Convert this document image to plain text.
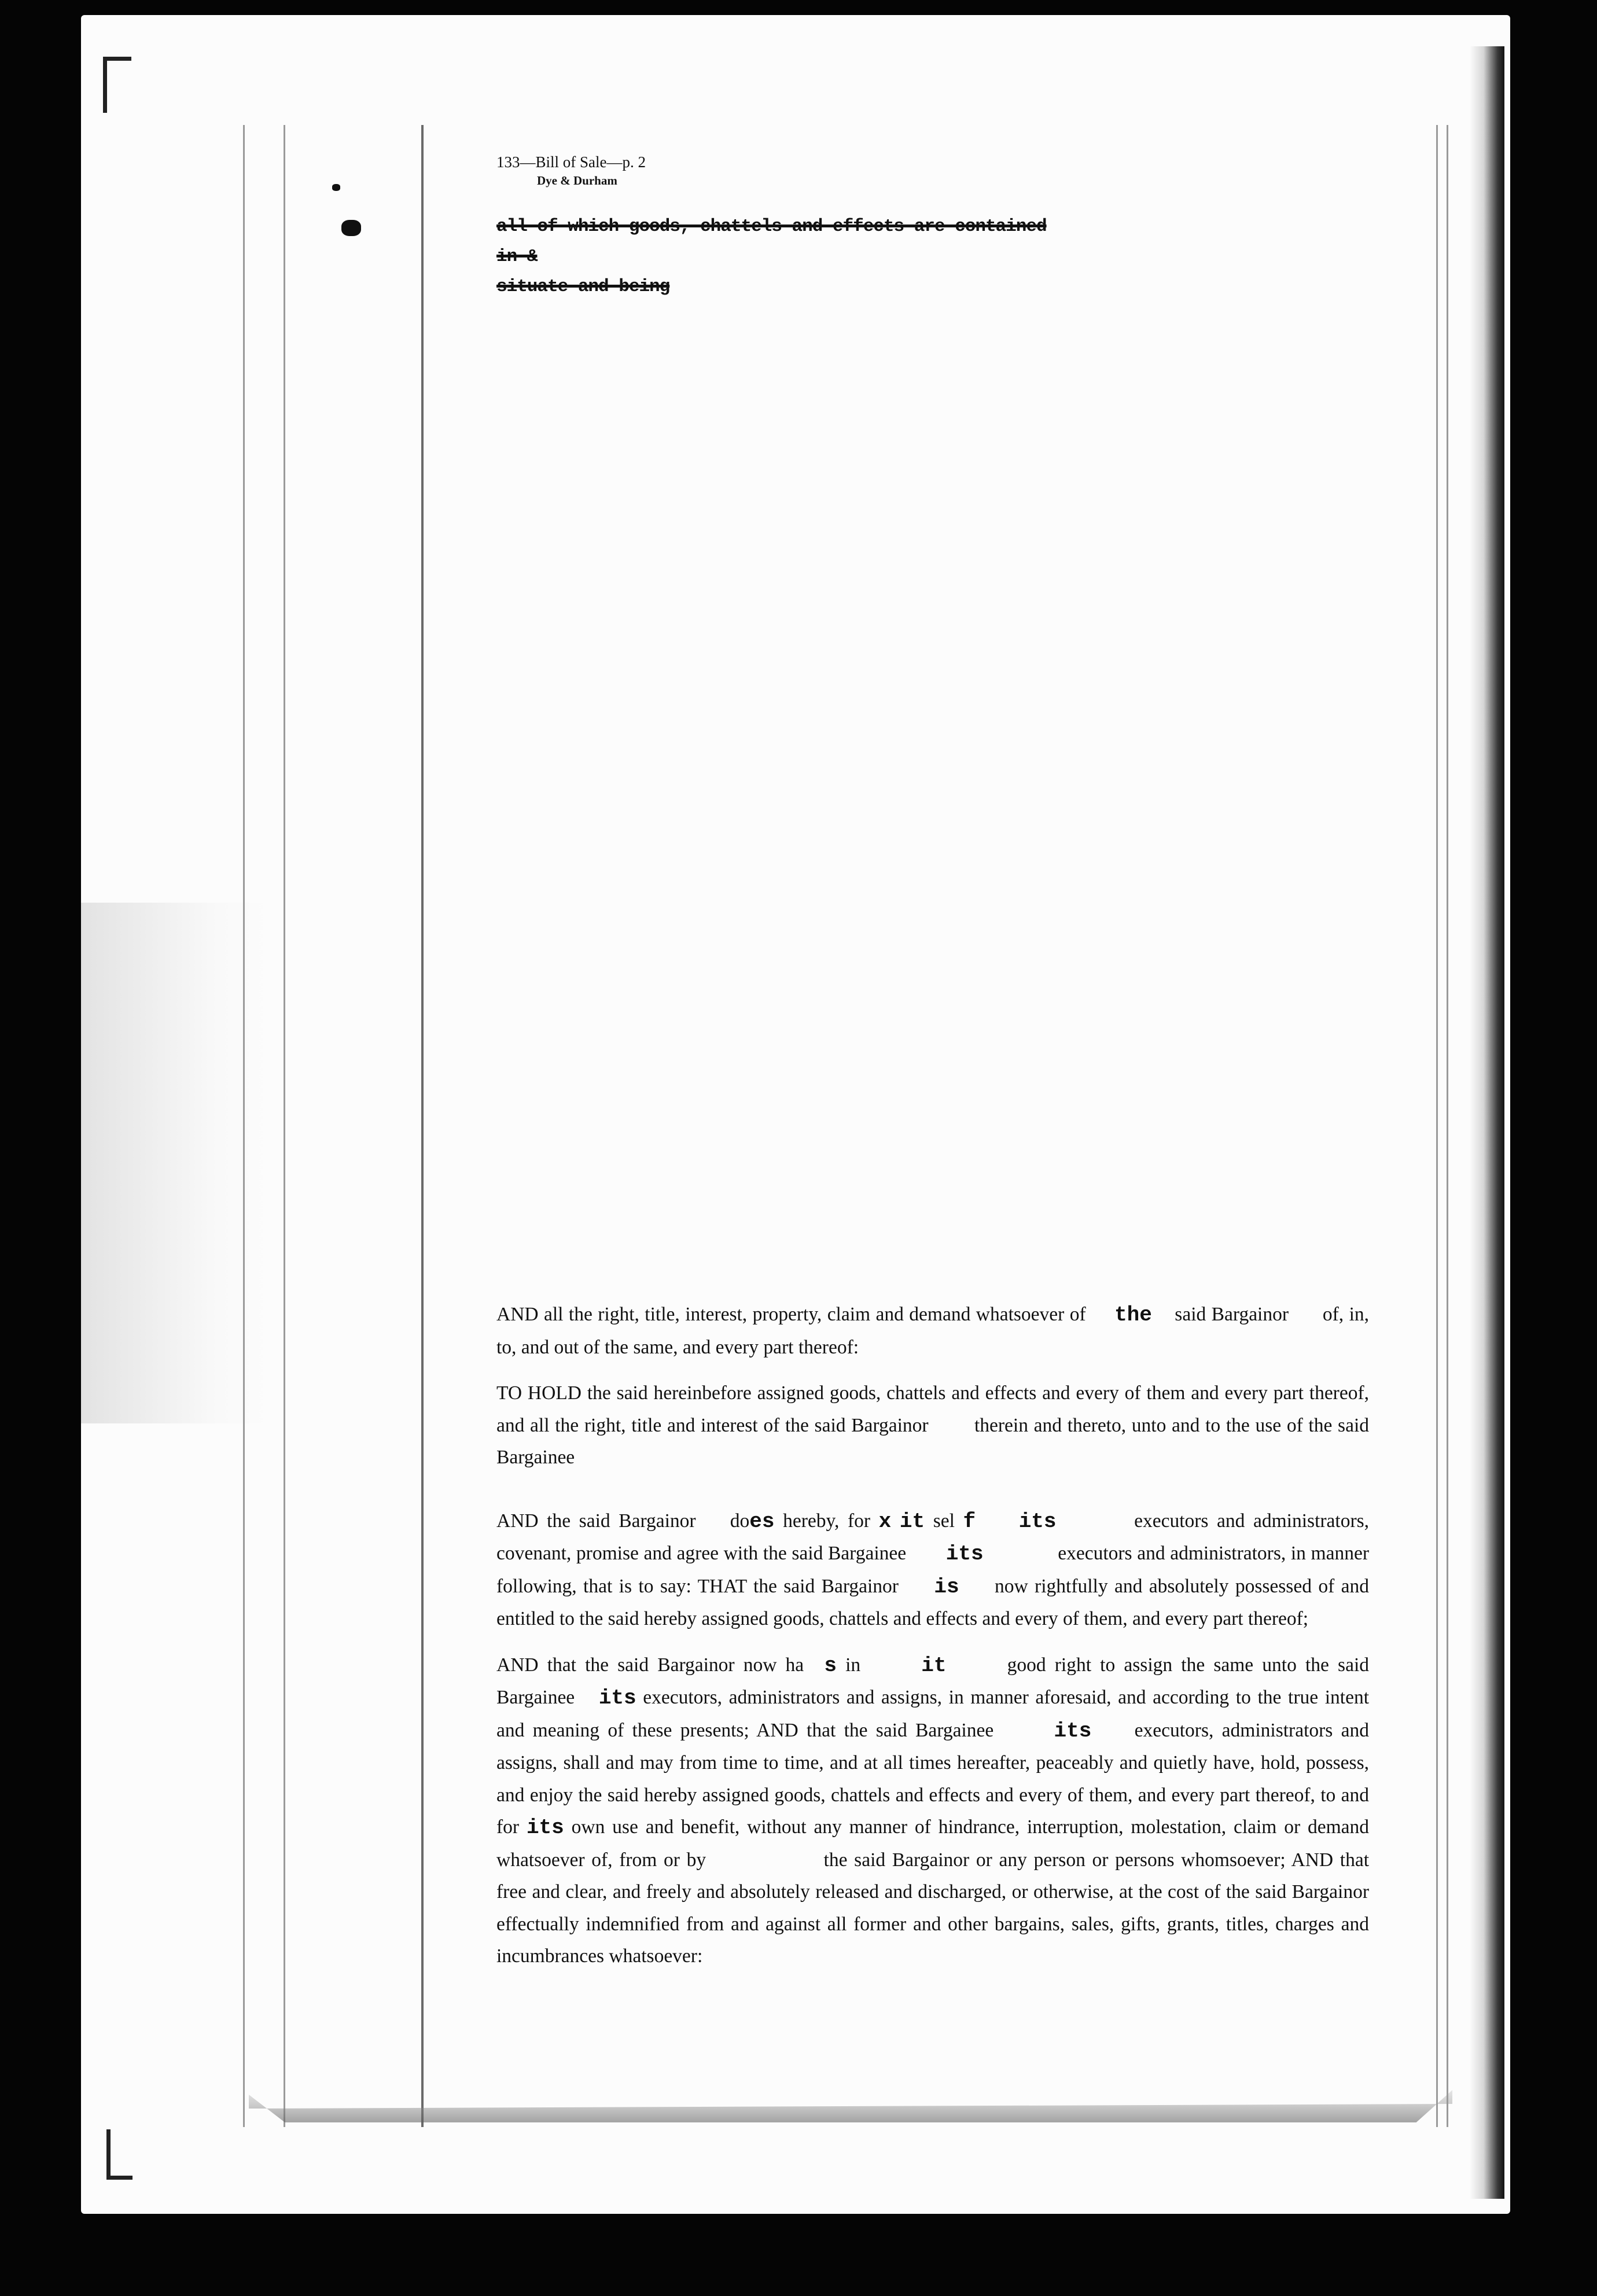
133—Bill of Sale—p. 2
Dye & Durham
all of which goods, chattels and effects are contained in &
situate and being

AND all the right, title, interest, property, claim and demand whatsoever of the said Bargainor of, in, to, and out of the same, and every part thereof:

TO HOLD the said hereinbefore assigned goods, chattels and effects and every of them and every part thereof, and all the right, title and interest of the said Bargainor therein and thereto, unto and to the use of the said Bargainee

AND the said Bargainor does hereby, for x it sel f its	executors and administrators, covenant, promise and agree with the said Bargainee its	executors and administrators, in manner following, that is to say: THAT the said Bargainor is now rightfully and absolutely possessed of and entitled to the said hereby assigned goods, chattels and effects and every of them, and every part thereof;

AND that the said Bargainor now ha s in	it	good right to assign the same unto the said Bargainee its executors, administrators and assigns, in manner aforesaid, and according to the true intent and meaning of these presents; AND that the said Bargainee	its executors, administrators and assigns, shall and may from time to time, and at all times hereafter, peaceably and quietly have, hold, possess, and enjoy the said hereby assigned goods, chattels and effects and every of them, and every part thereof, to and for its own use and benefit, without any manner of hindrance, interruption, molestation, claim or demand whatsoever of, from or by	the said Bargainor or any person or persons whomsoever; AND that free and clear, and freely and absolutely released and discharged, or otherwise, at the cost of the said Bargainor effectually indemnified from and against all former and other bargains, sales, gifts, grants, titles, charges and incumbrances whatsoever:
